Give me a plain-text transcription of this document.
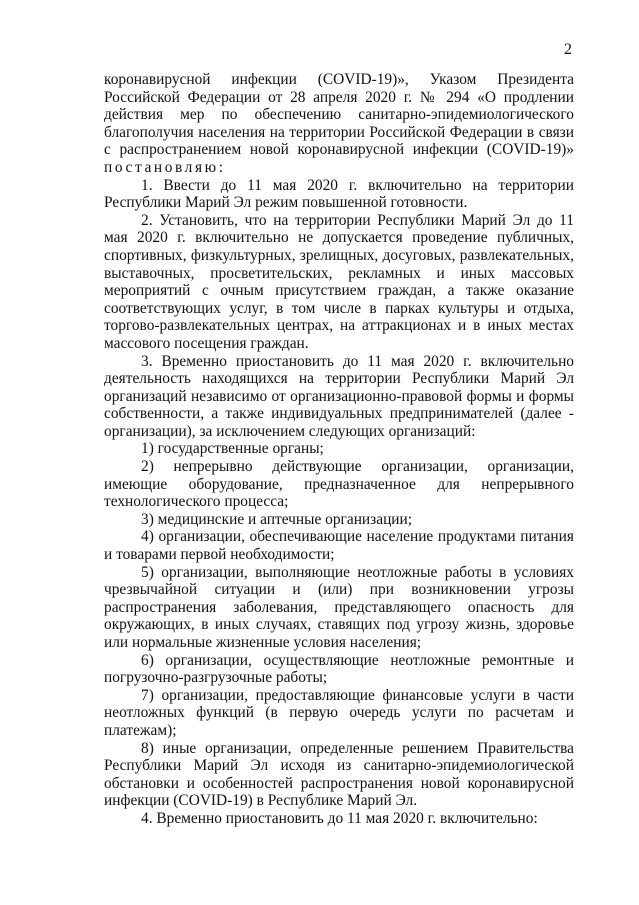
2

коронавирусной инфекции (COVID-19)», Указом Президента Российской Федерации от 28 апреля 2020 г. № 294 «О продлении действия мер по обеспечению санитарно-эпидемиологического благополучия населения на территории Российской Федерации в связи с распространением новой коронавирусной инфекции (COVID-19)» постановляю:

1. Ввести до 11 мая 2020 г. включительно на территории Республики Марий Эл режим повышенной готовности.

2. Установить, что на территории Республики Марий Эл до 11 мая 2020 г. включительно не допускается проведение публичных, спортивных, физкультурных, зрелищных, досуговых, развлекательных, выставочных, просветительских, рекламных и иных массовых мероприятий с очным присутствием граждан, а также оказание соответствующих услуг, в том числе в парках культуры и отдыха, торгово-развлекательных центрах, на аттракционах и в иных местах массового посещения граждан.

3. Временно приостановить до 11 мая 2020 г. включительно деятельность находящихся на территории Республики Марий Эл организаций независимо от организационно-правовой формы и формы собственности, а также индивидуальных предпринимателей (далее - организации), за исключением следующих организаций:

1) государственные органы;

2) непрерывно действующие организации, организации, имеющие оборудование, предназначенное для непрерывного технологического процесса;

3) медицинские и аптечные организации;

4) организации, обеспечивающие население продуктами питания и товарами первой необходимости;

5) организации, выполняющие неотложные работы в условиях чрезвычайной ситуации и (или) при возникновении угрозы распространения заболевания, представляющего опасность для окружающих, в иных случаях, ставящих под угрозу жизнь, здоровье или нормальные жизненные условия населения;

6) организации, осуществляющие неотложные ремонтные и погрузочно-разгрузочные работы;

7) организации, предоставляющие финансовые услуги в части неотложных функций (в первую очередь услуги по расчетам и платежам);

8) иные организации, определенные решением Правительства Республики Марий Эл исходя из санитарно-эпидемиологической обстановки и особенностей распространения новой коронавирусной инфекции (COVID-19) в Республике Марий Эл.

4. Временно приостановить до 11 мая 2020 г. включительно:
